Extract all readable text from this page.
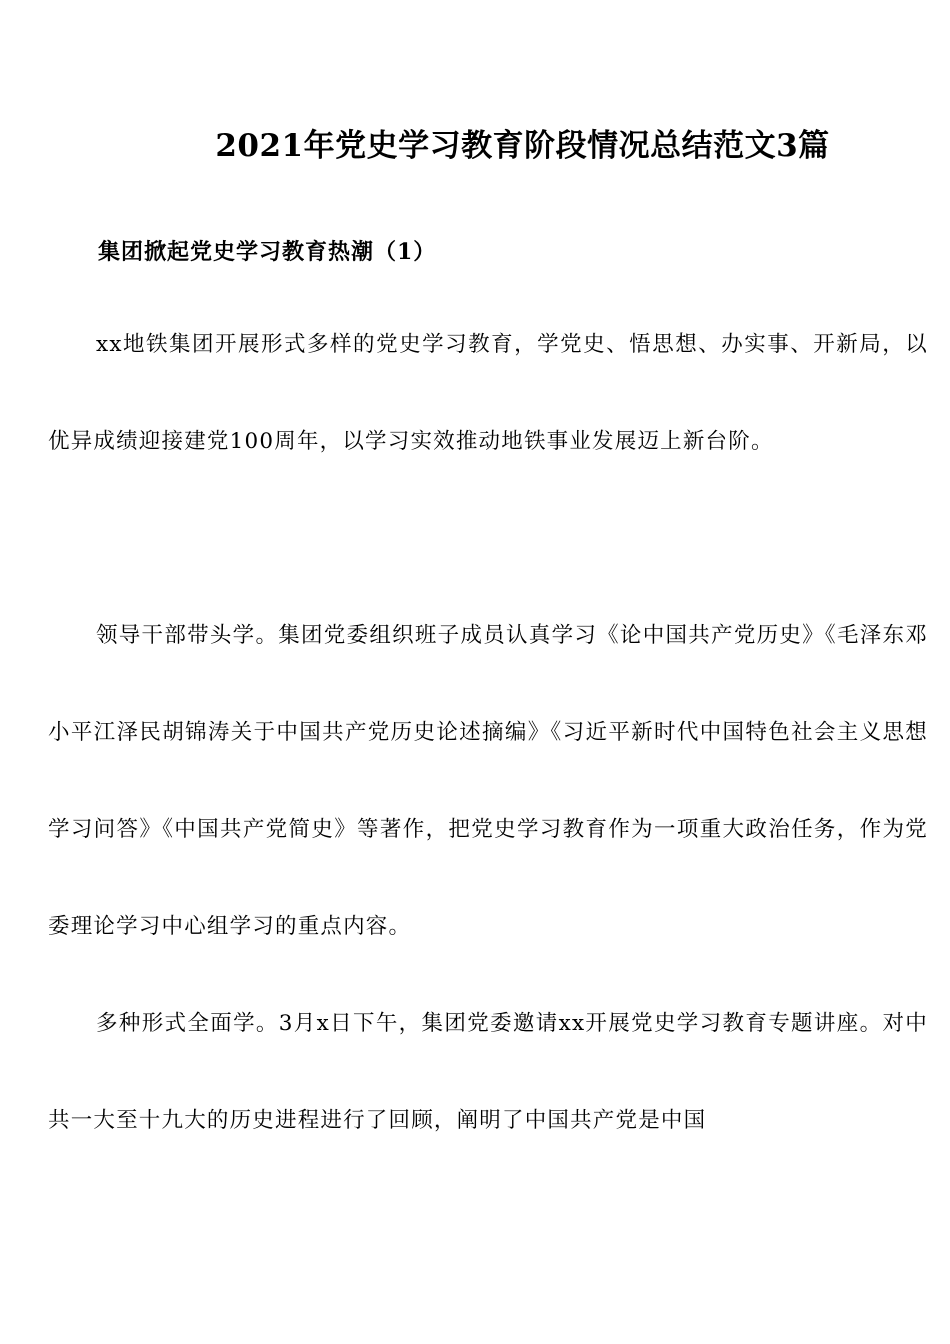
2021年党史学习教育阶段情况总结范文3篇
集团掀起党史学习教育热潮（1）

xx地铁集团开展形式多样的党史学习教育，学党史、悟思想、办实事、开新局，以优异成绩迎接建党100周年，以学习实效推动地铁事业发展迈上新台阶。

领导干部带头学。集团党委组织班子成员认真学习《论中国共产党历史》《毛泽东邓小平江泽民胡锦涛关于中国共产党历史论述摘编》《习近平新时代中国特色社会主义思想学习问答》《中国共产党简史》等著作，把党史学习教育作为一项重大政治任务，作为党委理论学习中心组学习的重点内容。

多种形式全面学。3月x日下午，集团党委邀请xx开展党史学习教育专题讲座。对中共一大至十九大的历史进程进行了回顾，阐明了中国共产党是中国
